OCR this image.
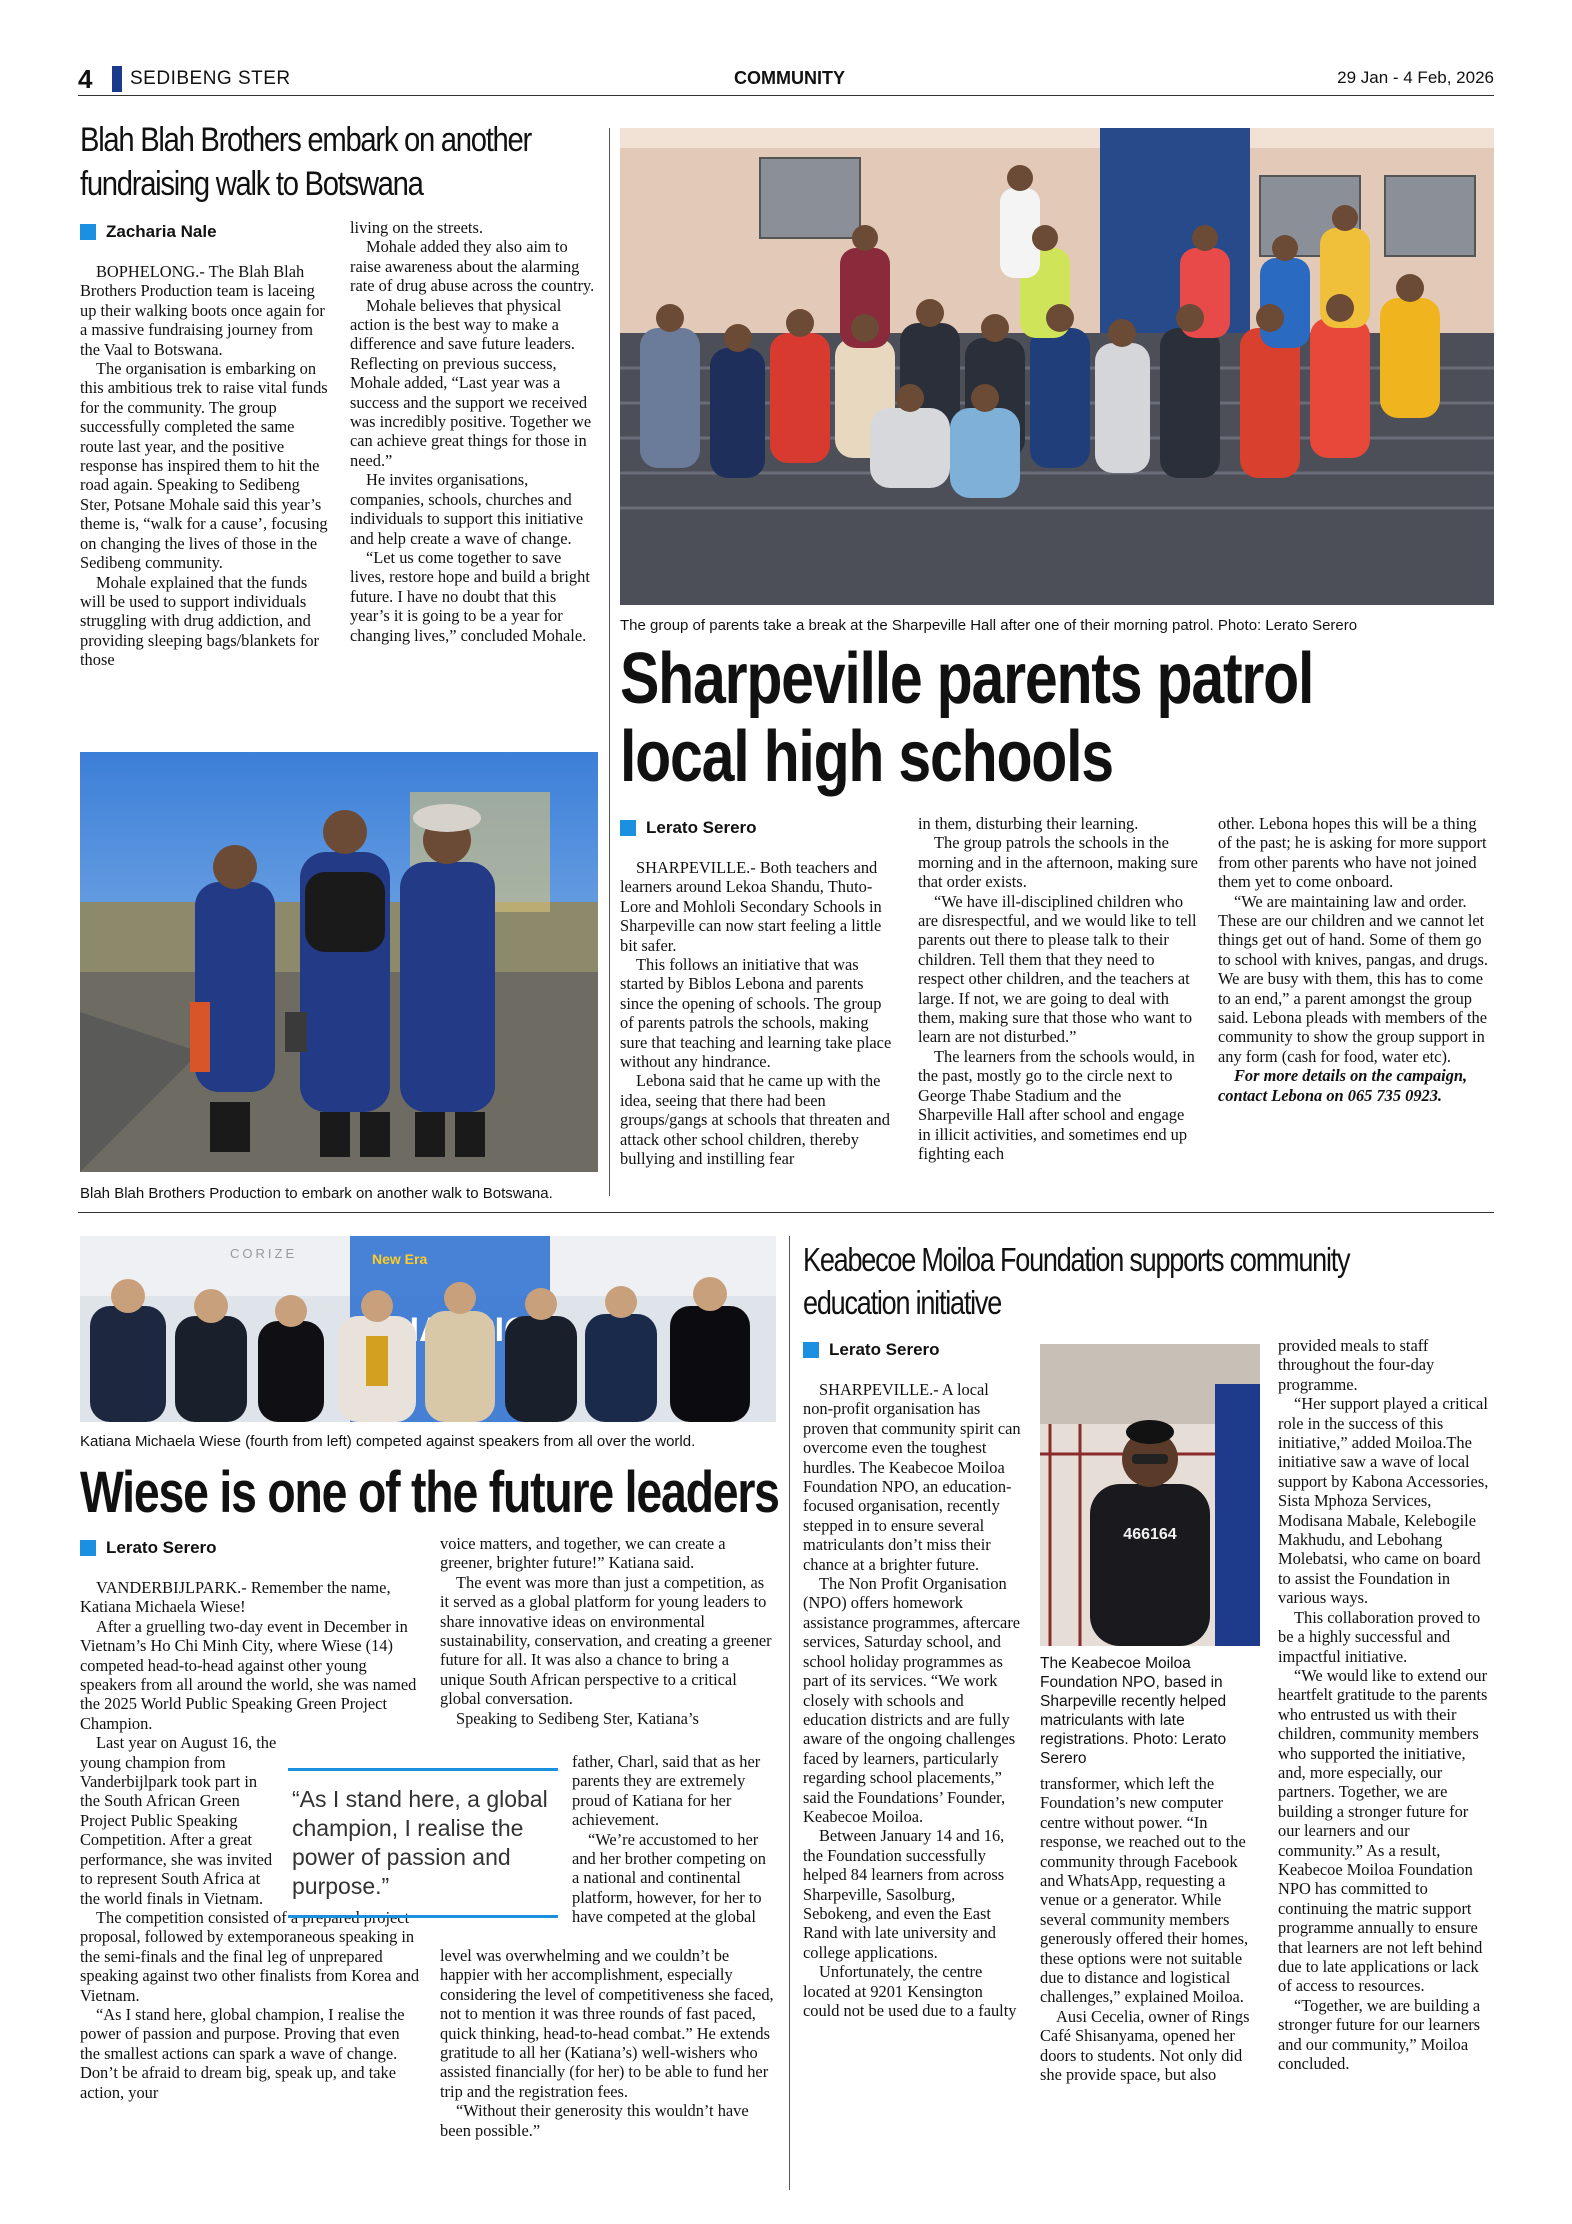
4 SEDIBENG STER	COMMUNITY	29 Jan - 4 Feb, 2026
Blah Blah Brothers embark on another fundraising walk to Botswana
Zacharia Nale

BOPHELONG.- The Blah Blah Brothers Production team is laceing up their walking boots once again for a massive fundraising journey from the Vaal to Botswana.

The organisation is embarking on this ambitious trek to raise vital funds for the community. The group successfully completed the same route last year, and the positive response has inspired them to hit the road again. Speaking to Sedibeng Ster, Potsane Mohale said this year’s theme is, “walk for a cause’, focusing on changing the lives of those in the Sedibeng community.

Mohale explained that the funds will be used to support individuals struggling with drug addiction, and providing sleeping bags/blankets for those

living on the streets.

Mohale added they also aim to raise awareness about the alarming rate of drug abuse across the country.

Mohale believes that physical action is the best way to make a difference and save future leaders. Reflecting on previous success, Mohale added, “Last year was a success and the support we received was incredibly positive. Together we can achieve great things for those in need.”

He invites organisations, companies, schools, churches and individuals to support this initiative and help create a wave of change.

“Let us come together to save lives, restore hope and build a bright future. I have no doubt that this year’s it is going to be a year for changing lives,” concluded Mohale.

Blah Blah Brothers Production to embark on another walk to Botswana.
The group of parents take a break at the Sharpeville Hall after one of their morning patrol. Photo: Lerato Serero
Sharpeville parents patrol
local high schools
Lerato Serero

SHARPEVILLE.- Both teachers and learners around Lekoa Shandu, Thuto-Lore and Mohloli Secondary Schools in Sharpeville can now start feeling a little bit safer.

This follows an initiative that was started by Biblos Lebona and parents since the opening of schools. The group of parents patrols the schools, making sure that teaching and learning take place without any hindrance.

Lebona said that he came up with the idea, seeing that there had been groups/gangs at schools that threaten and attack other school children, thereby bullying and instilling fear

in them, disturbing their learning.

The group patrols the schools in the morning and in the afternoon, making sure that order exists.

“We have ill-disciplined children who are disrespectful, and we would like to tell parents out there to please talk to their children. Tell them that they need to respect other children, and the teachers at large. If not, we are going to deal with them, making sure that those who want to learn are not disturbed.”

The learners from the schools would, in the past, mostly go to the circle next to George Thabe Stadium and the Sharpeville Hall after school and engage in illicit activities, and sometimes end up fighting each

other. Lebona hopes this will be a thing of the past; he is asking for more support from other parents who have not joined them yet to come onboard.

“We are maintaining law and order. These are our children and we cannot let things get out of hand. Some of them go to school with knives, pangas, and drugs. We are busy with them, this has to come to an end,” a parent amongst the group said. Lebona pleads with members of the community to show the group support in any form (cash for food, water etc).

For more details on the campaign, contact Lebona on 065 735 0923.

CORIZE	New Era
Katiana Michaela Wiese (fourth from left) competed against speakers from all over the world.
Wiese is one of the future leaders
Lerato Serero

VANDERBIJLPARK.- Remember the name, Katiana Michaela Wiese!

After a gruelling two-day event in December in Vietnam’s Ho Chi Minh City, where Wiese (14) competed head-to-head against other young speakers from all around the world, she was named the 2025 World Public Speaking Green Project Champion.

Last year on August 16, the young champion from Vanderbijlpark took part in the South African Green Project Public Speaking Competition. After a great performance, she was invited to represent South Africa at the world finals in Vietnam.

The competition consisted of a prepared project proposal, followed by extemporaneous speaking in the semi-finals and the final leg of unprepared speaking against two other finalists from Korea and Vietnam.

“As I stand here, global champion, I realise the power of passion and purpose. Proving that even the smallest actions can spark a wave of change. Don’t be afraid to dream big, speak up, and take action, your

voice matters, and together, we can create a greener, brighter future!” Katiana said.

The event was more than just a competition, as it served as a global platform for young leaders to share innovative ideas on environmental sustainability, conservation, and creating a greener future for all. It was also a chance to bring a unique South African perspective to a critical global conversation.

Speaking to Sedibeng Ster, Katiana’s

father, Charl, said that as her parents they are extremely proud of Katiana for her achievement.

“We’re accustomed to her and her brother competing on a national and continental platform, however, for her to have competed at the global

level was overwhelming and we couldn’t be happier with her accomplishment, especially considering the level of competitiveness she faced, not to mention it was three rounds of fast paced, quick thinking, head-to-head combat.” He extends gratitude to all her (Katiana’s) well-wishers who assisted financially (for her) to be able to fund her trip and the registration fees.

“Without their generosity this wouldn’t have been possible.”

“As I stand here, a global champion, I realise the power of passion and purpose.”
Keabecoe Moiloa Foundation supports community education initiative
Lerato Serero

SHARPEVILLE.- A local non-profit organisation has proven that community spirit can overcome even the toughest hurdles. The Keabecoe Moiloa Foundation NPO, an education-focused organisation, recently stepped in to ensure several matriculants don’t miss their chance at a brighter future.

The Non Profit Organisation (NPO) offers homework assistance programmes, aftercare services, Saturday school, and school holiday programmes as part of its services. “We work closely with schools and education districts and are fully aware of the ongoing challenges faced by learners, particularly regarding school placements,” said the Foundations’ Founder, Keabecoe Moiloa.

Between January 14 and 16, the Foundation successfully helped 84 learners from across Sharpeville, Sasolburg, Sebokeng, and even the East Rand with late university and college applications.

Unfortunately, the centre located at 9201 Kensington could not be used due to a faulty

466164
The Keabecoe Moiloa Foundation NPO, based in Sharpeville recently helped matriculants with late registrations. Photo: Lerato Serero

transformer, which left the Foundation’s new computer centre without power. “In response, we reached out to the community through Facebook and WhatsApp, requesting a venue or a generator. While several community members generously offered their homes, these options were not suitable due to distance and logistical challenges,” explained Moiloa.

Ausi Cecelia, owner of Rings Café Shisanyama, opened her doors to students. Not only did she provide space, but also

provided meals to staff throughout the four-day programme.

“Her support played a critical role in the success of this initiative,” added Moiloa.The initiative saw a wave of local support by Kabona Accessories, Sista Mphoza Services, Modisana Mabale, Kelebogile Makhudu, and Lebohang Molebatsi, who came on board to assist the Foundation in various ways.

This collaboration proved to be a highly successful and impactful initiative.

“We would like to extend our heartfelt gratitude to the parents who entrusted us with their children, community members who supported the initiative, and, more especially, our partners. Together, we are building a stronger future for our learners and our community.” As a result, Keabecoe Moiloa Foundation NPO has committed to continuing the matric support programme annually to ensure that learners are not left behind due to late applications or lack of access to resources.

“Together, we are building a stronger future for our learners and our community,” Moiloa concluded.
